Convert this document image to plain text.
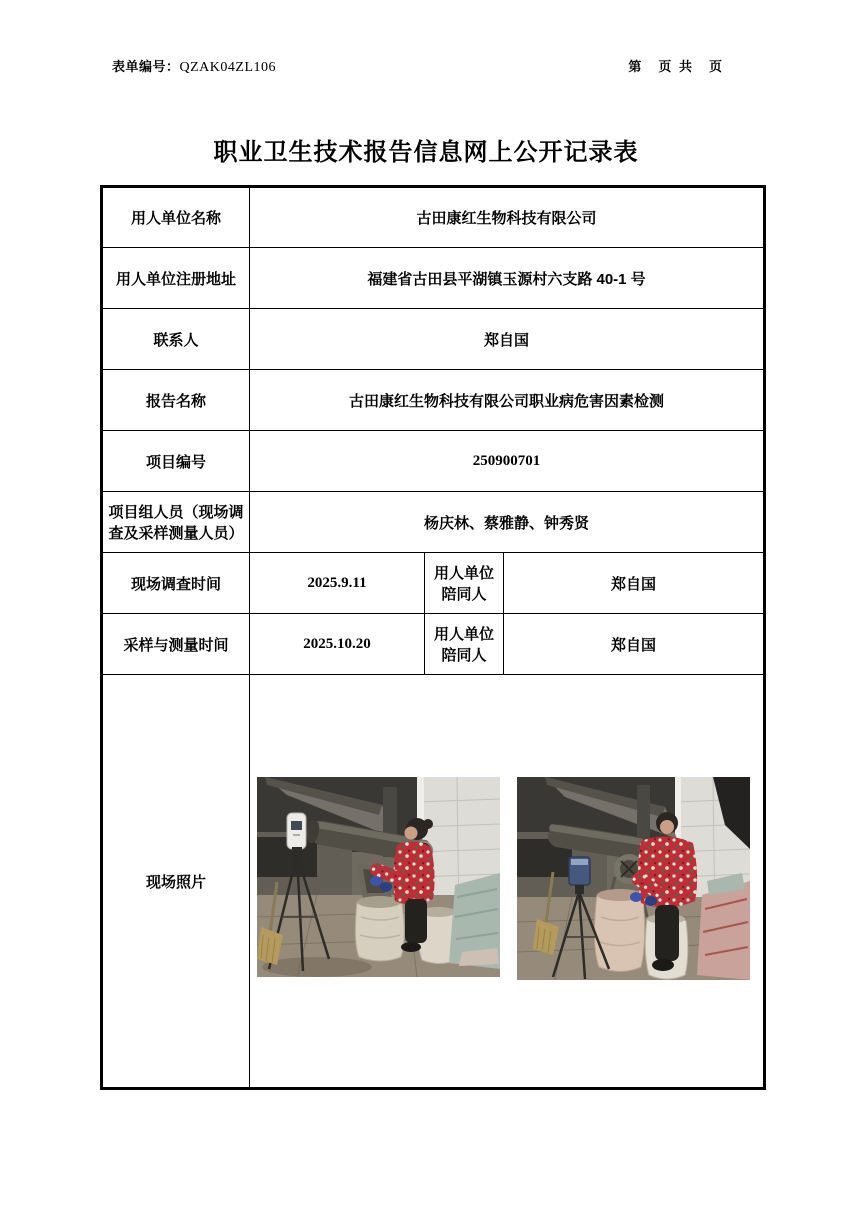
表单编号：QZAK04ZL106	第　页 共　页
职业卫生技术报告信息网上公开记录表
用人单位名称	古田康红生物科技有限公司		
用人单位注册地址	福建省古田县平湖镇玉源村六支路 40-1 号		
联系人	郑自国		
报告名称	古田康红生物科技有限公司职业病危害因素检测		
项目编号	250900701		
项目组人员（现场调查及采样测量人员）	杨庆林、蔡雅静、钟秀贤		
现场调查时间	2025.9.11	用人单位陪同人	郑自国
采样与测量时间	2025.10.20	用人单位陪同人	郑自国
现场照片	
